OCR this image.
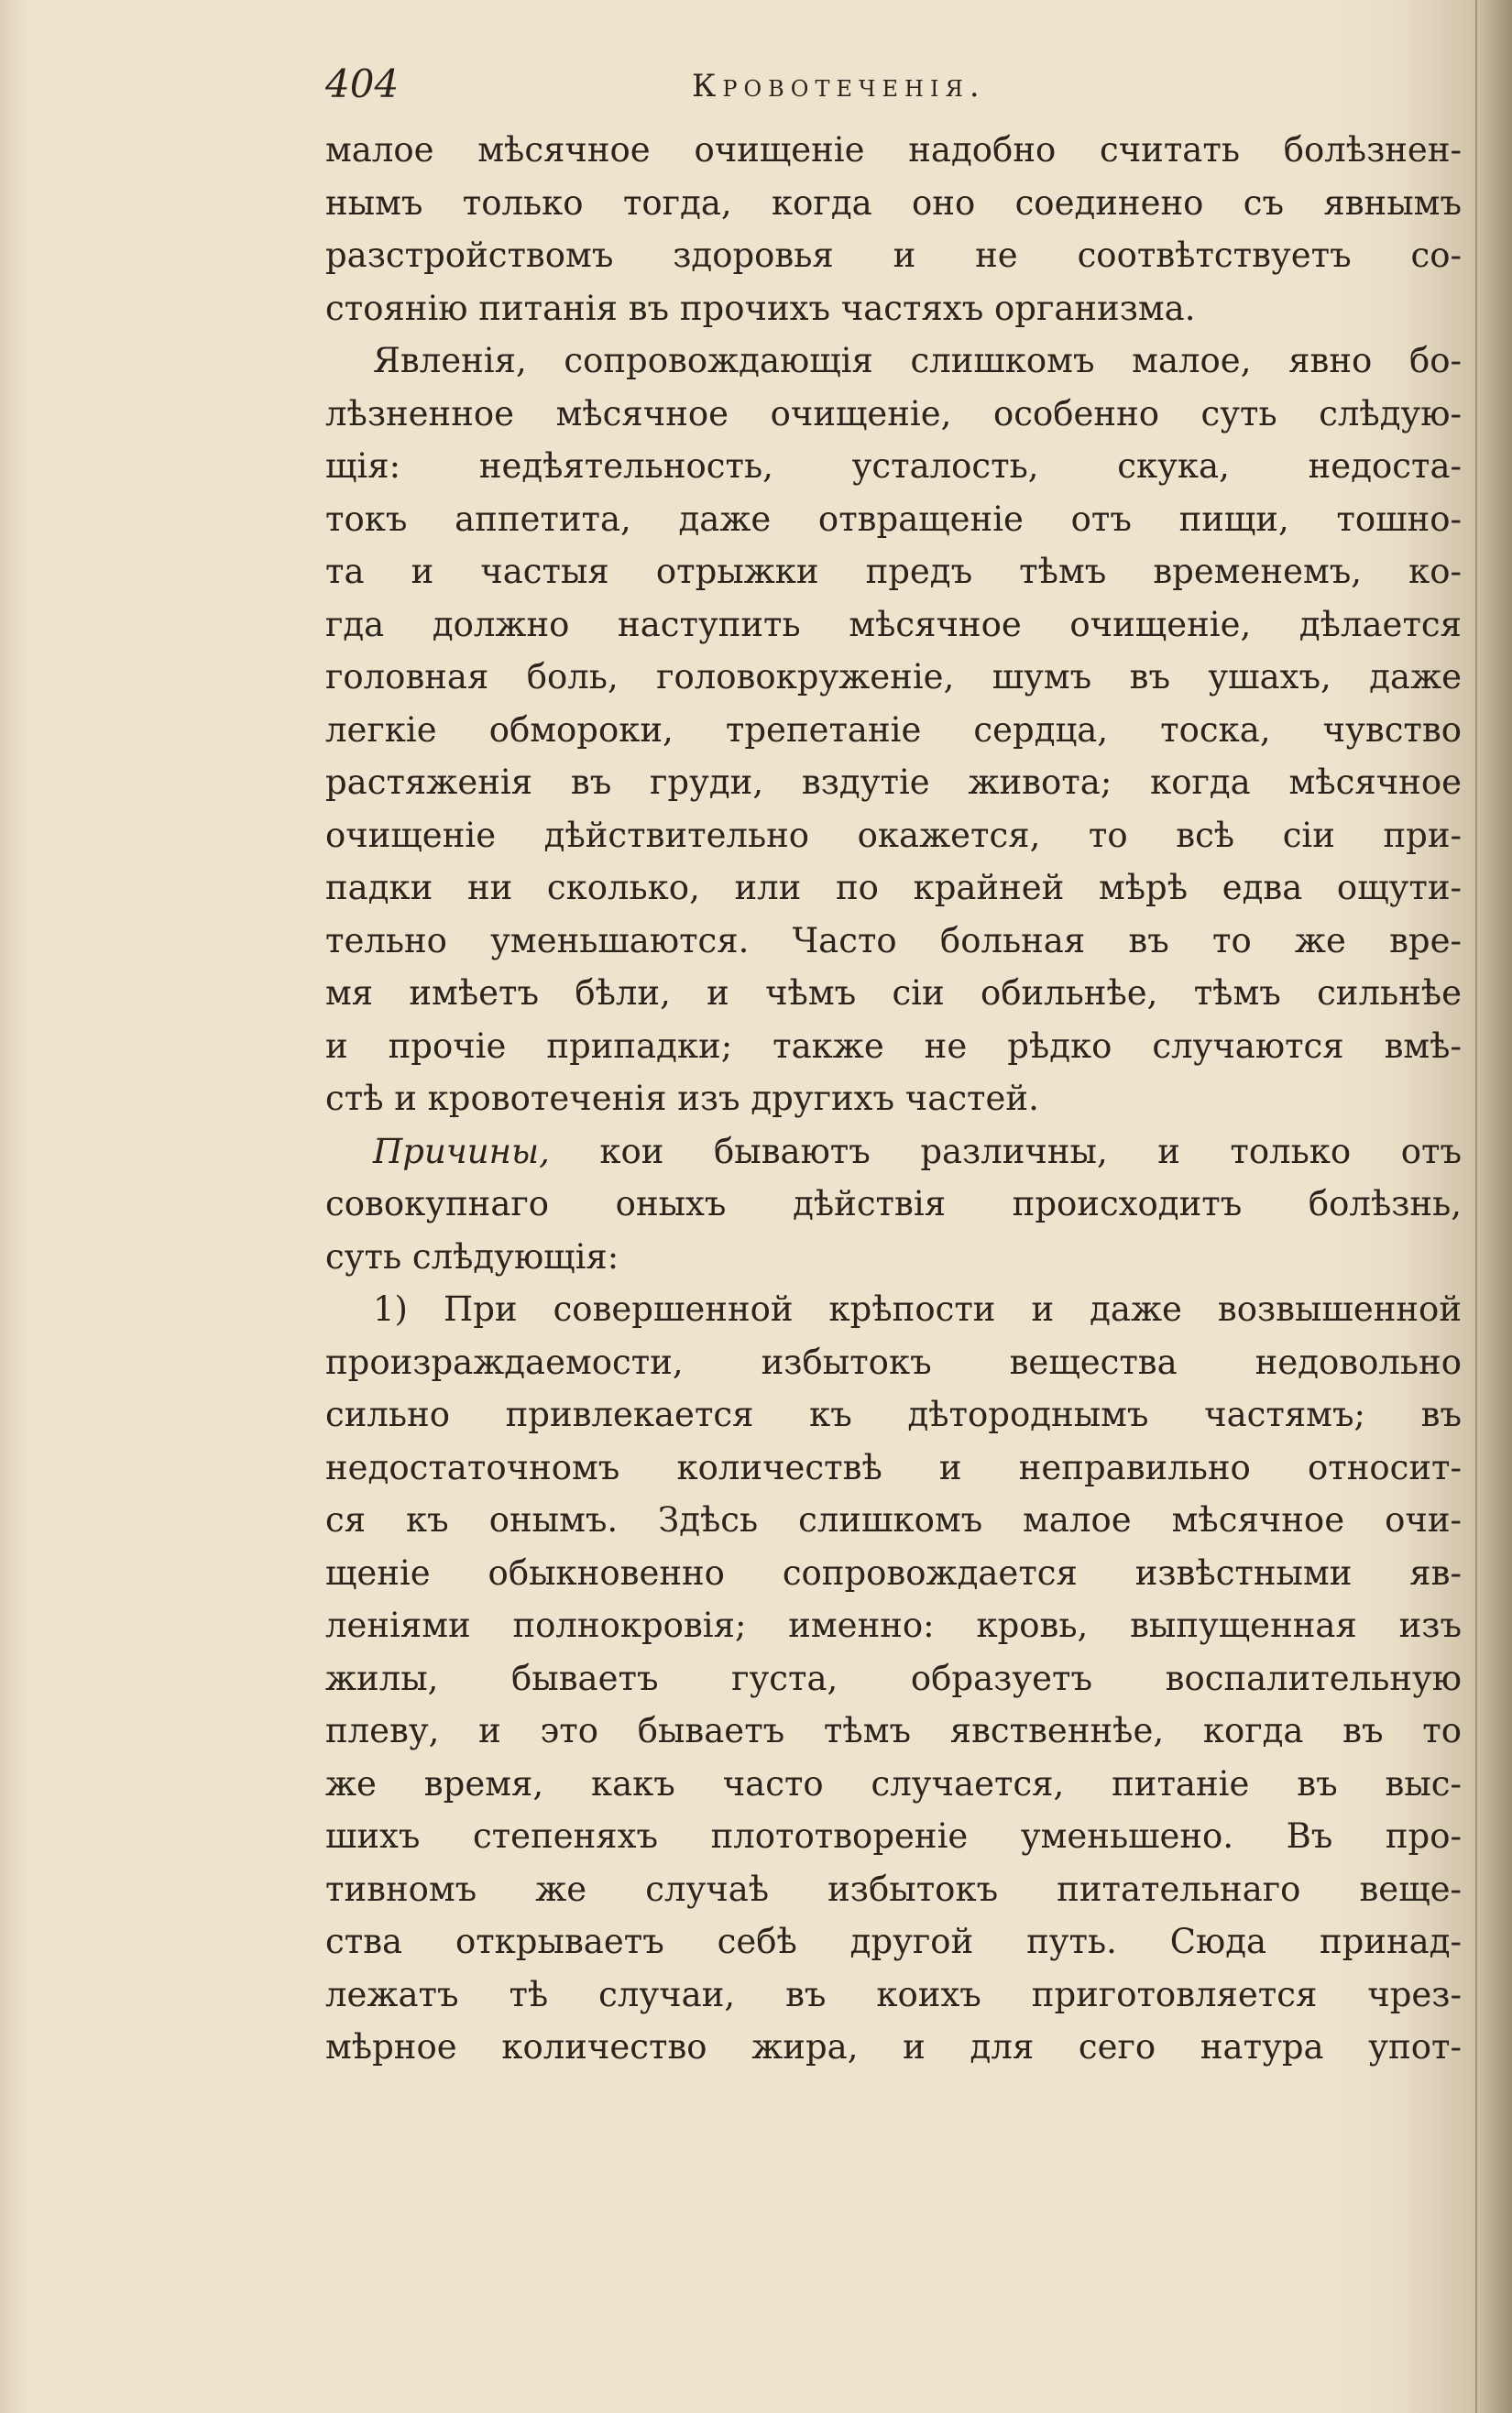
404	Кровотеченія.
малое мѣсячное очищеніе надобно считать болѣзнен-
нымъ только тогда, когда оно соединено съ явнымъ
разстройствомъ здоровья и не соотвѣтствуетъ со-
стоянію питанія въ прочихъ частяхъ организма.
Явленія, сопровождающія слишкомъ малое, явно бо-
лѣзненное мѣсячное очищеніе, особенно суть слѣдую-
щія: недѣятельность, усталость, скука, недоста-
токъ аппетита, даже отвращеніе отъ пищи, тошно-
та и частыя отрыжки предъ тѣмъ временемъ, ко-
гда должно наступить мѣсячное очищеніе, дѣлается
головная боль, головокруженіе, шумъ въ ушахъ, даже
легкіе обмороки, трепетаніе сердца, тоска, чувство
растяженія въ груди, вздутіе живота; когда мѣсячное
очищеніе дѣйствительно окажется, то всѣ сіи при-
падки ни сколько, или по крайней мѣрѣ едва ощути-
тельно уменьшаются. Часто больная въ то же вре-
мя имѣетъ бѣли, и чѣмъ сіи обильнѣе, тѣмъ сильнѣе
и прочіе припадки; также не рѣдко случаются вмѣ-
стѣ и кровотеченія изъ другихъ частей.
Причины, кои бываютъ различны, и только отъ
совокупнаго оныхъ дѣйствія происходитъ болѣзнь,
суть слѣдующія:
1) При совершенной крѣпости и даже возвышенной
произраждаемости, избытокъ вещества недовольно
сильно привлекается къ дѣтороднымъ частямъ; въ
недостаточномъ количествѣ и неправильно относит-
ся къ онымъ. Здѣсь слишкомъ малое мѣсячное очи-
щеніе обыкновенно сопровождается извѣстными яв-
леніями полнокровія; именно: кровь, выпущенная изъ
жилы, бываетъ густа, образуетъ воспалительную
плеву, и это бываетъ тѣмъ явственнѣе, когда въ то
же время, какъ часто случается, питаніе въ выс-
шихъ степеняхъ плототвореніе уменьшено. Въ про-
тивномъ же случаѣ избытокъ питательнаго веще-
ства открываетъ себѣ другой путь. Сюда принад-
лежатъ тѣ случаи, въ коихъ приготовляется чрез-
мѣрное количество жира, и для сего натура упот-
